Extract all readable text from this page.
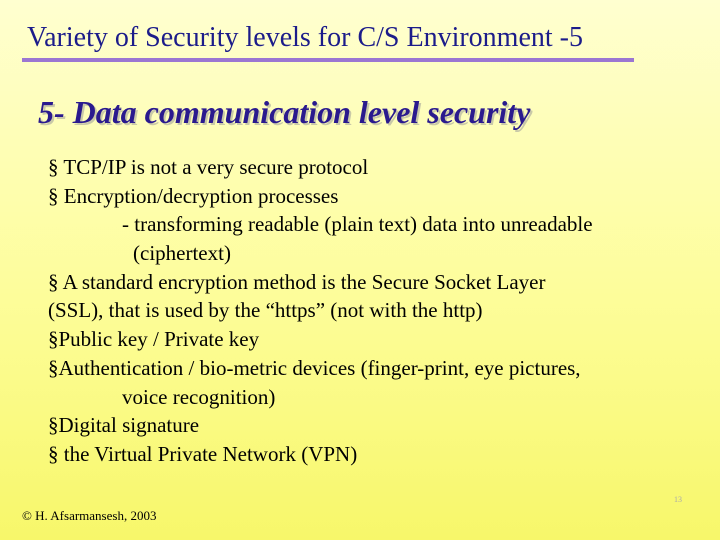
Variety of Security levels for C/S Environment -5
5- Data communication level security
§ TCP/IP is not a very secure protocol
§ Encryption/decryption processes
- transforming readable (plain text) data into unreadable
(ciphertext)
§ A standard encryption method is the Secure Socket Layer
(SSL), that is used by the “https” (not with the http)
§Public key / Private key
§Authentication / bio-metric devices (finger-print, eye pictures,
voice recognition)
§Digital signature
§ the Virtual Private Network (VPN)
© H. Afsarmansesh, 2003
13
